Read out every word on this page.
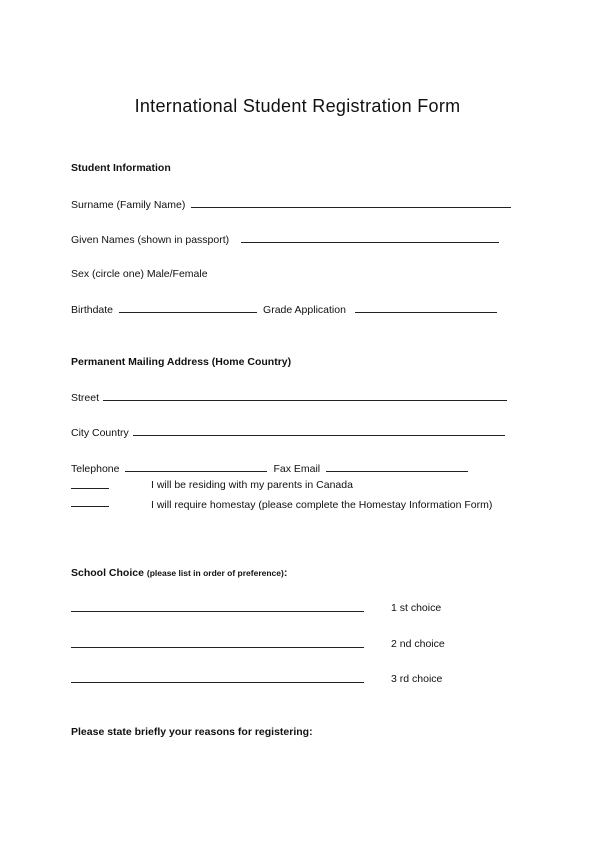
International Student Registration Form
Student Information
Surname (Family Name)
Given Names (shown in passport)
Sex (circle one) Male/Female
Birthdate	Grade Application
Permanent Mailing Address (Home Country)
Street
City Country
Telephone	Fax Email
I will be residing with my parents in Canada
I will require homestay (please complete the Homestay Information Form)
School Choice (please list in order of preference):
1 st choice
2 nd choice
3 rd choice
Please state briefly your reasons for registering:
